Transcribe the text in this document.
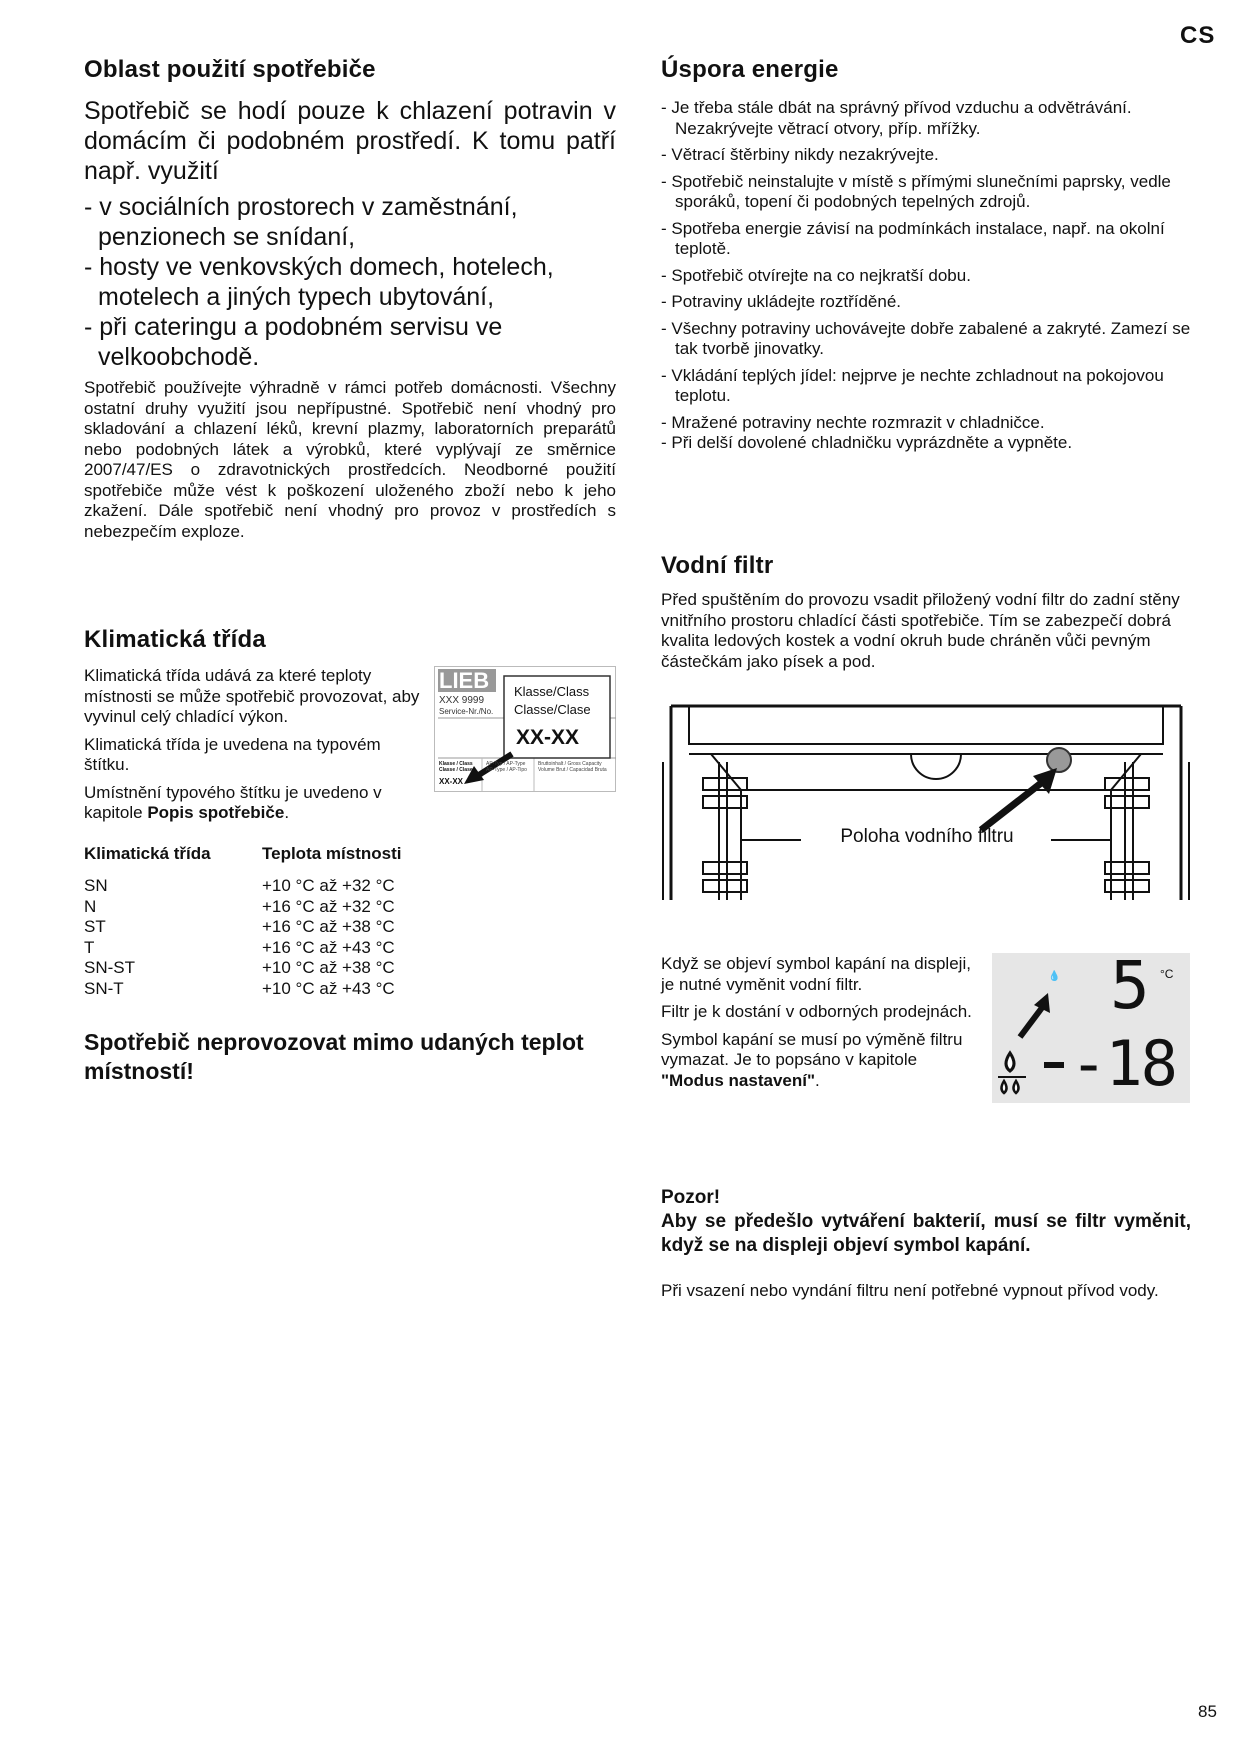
CS
85
Oblast použití spotřebiče

Spotřebič se hodí pouze k chlazení potravin v domácím či podobném prostředí. K tomu patří např. využití

- v sociálních prostorech v zaměstnání, penzionech se snídaní,
- hosty ve venkovských domech, hotelech, motelech a jiných typech ubytování,
- při cateringu a podobném servisu ve velkoobchodě.

Spotřebič používejte výhradně v rámci potřeb domácnosti. Všechny ostatní druhy využití jsou nepřípustné. Spotřebič není vhodný pro skladování a chlazení léků, krevní plazmy, laboratorních preparátů nebo podobných látek a výrobků, které vyplývají ze směrnice 2007/47/ES o zdravotnických prostředcích. Neodborné použití spotřebiče může vést k poškození uloženého zboží nebo k jeho zkažení. Dále spotřebič není vhodný pro provoz v prostředích s nebezpečím exploze.

Klimatická třída

Klimatická třída udává za které teploty místnosti se může spotřebič provozovat, aby vyvinul celý chladící výkon.

Klimatická třída je uvedena na typovém štítku.

Umístnění typového štítku je uvedeno v kapitole Popis spotřebiče.

LIEB
XXX 9999
Service-Nr./No.
Klasse/Class
Classe/Clase
XX-XX
Klasse / Class
Classe / Clase
XX-XX
AP-Typ / AP-Type
AP-Type / AP-Tipo
Bruttoinhalt / Gross Capacity
Volume Brut / Capacidad Bruta
Klimatická třída	Teplota místnosti
SN	+10 °C až +32 °C
N	+16 °C až +32 °C
ST	+16 °C až +38 °C
T	+16 °C až +43 °C
SN-ST	+10 °C až +38 °C
SN-T	+10 °C až +43 °C
Spotřebič neprovozovat mimo udaných teplot místností!
Úspora energie
- Je třeba stále dbát na správný přívod vzduchu a odvětrávání. Nezakrývejte větrací otvory, příp. mřížky.
- Větrací štěrbiny nikdy nezakrývejte.
- Spotřebič neinstalujte v místě s přímými slunečními paprsky, vedle sporáků, topení či podobných tepelných zdrojů.
- Spotřeba energie závisí na podmínkách instalace, např. na okolní teplotě.
- Spotřebič otvírejte na co nejkratší dobu.
- Potraviny ukládejte roztříděné.
- Všechny potraviny uchovávejte dobře zabalené a zakryté. Zamezí se tak tvorbě jinovatky.
- Vkládání teplých jídel: nejprve je nechte zchladnout na pokojovou teplotu.
- Mražené potraviny nechte rozmrazit v chladničce.
- Při delší dovolené chladničku vyprázdněte a vypněte.
Vodní filtr

Před spuštěním do provozu vsadit přiložený vodní filtr do zadní stěny vnitřního prostoru chladící části spotřebiče. Tím se zabezpečí dobrá kvalita ledových kostek a vodní okruh bude chráněn vůči pevným částečkám jako písek a pod.

Poloha vodního filtru

Když se objeví symbol kapání na displeji, je nutné vyměnit vodní filtr.

Filtr je k dostání v odborných prodejnách.

Symbol kapání se musí po výměně filtru vymazat. Je to popsáno v kapitole "Modus nastavení".

💧 5 °C
-18
Pozor!
Aby se předešlo vytváření bakterií, musí se filtr vyměnit, když se na displeji objeví symbol kapání.
Při vsazení nebo vyndání filtru není potřebné vypnout přívod vody.
